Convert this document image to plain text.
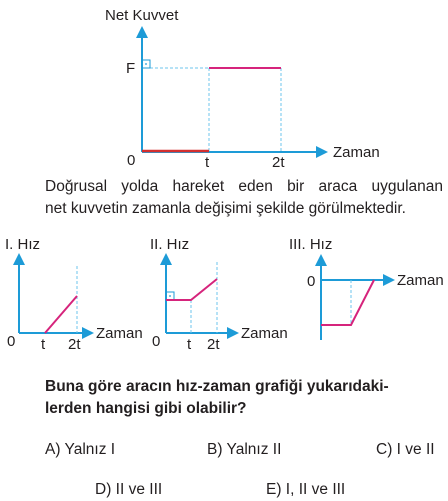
Net Kuvvet
Zaman
F
0	t	2t
I. Hız
Zaman
0 t 2t
II. Hız
Zaman
0 t 2t
III. Hız
Zaman
0

Doğrusal yolda hareket eden bir araca uygulanan

net kuvvetin zamanla değişimi şekilde görülmektedir.

Buna göre aracın hız-zaman grafiği yukarıdaki-

lerden hangisi gibi olabilir?

A) Yalnız I	B) Yalnız II	C) I ve II
D) II ve III	E) I, II ve III
